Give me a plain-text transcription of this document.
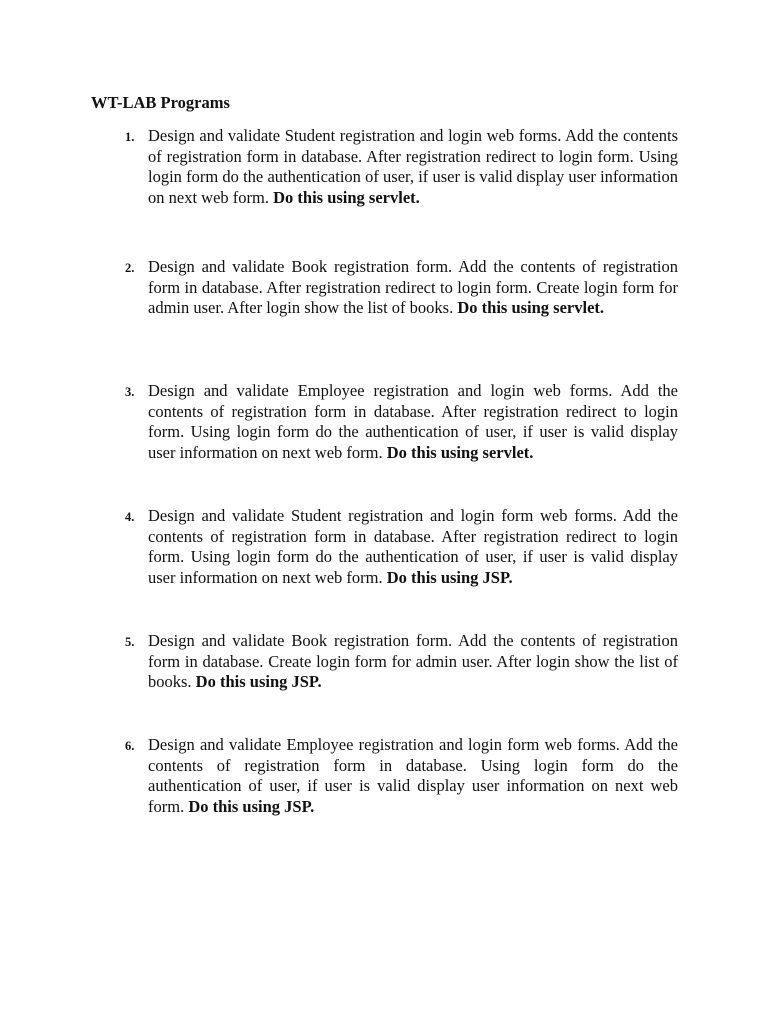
WT-LAB Programs
1. Design and validate Student registration and login web forms. Add the contents of registration form in database. After registration redirect to login form. Using login form do the authentication of user, if user is valid display user information on next web form. Do this using servlet.
2. Design and validate Book registration form. Add the contents of registration form in database. After registration redirect to login form. Create login form for admin user. After login show the list of books. Do this using servlet.
3. Design and validate Employee registration and login web forms. Add the contents of registration form in database. After registration redirect to login form. Using login form do the authentication of user, if user is valid display user information on next web form. Do this using servlet.
4. Design and validate Student registration and login form web forms. Add the contents of registration form in database. After registration redirect to login form. Using login form do the authentication of user, if user is valid display user information on next web form. Do this using JSP.
5. Design and validate Book registration form. Add the contents of registration form in database. Create login form for admin user. After login show the list of books. Do this using JSP.
6. Design and validate Employee registration and login form web forms. Add the contents of registration form in database. Using login form do the authentication of user, if user is valid display user information on next web form. Do this using JSP.
